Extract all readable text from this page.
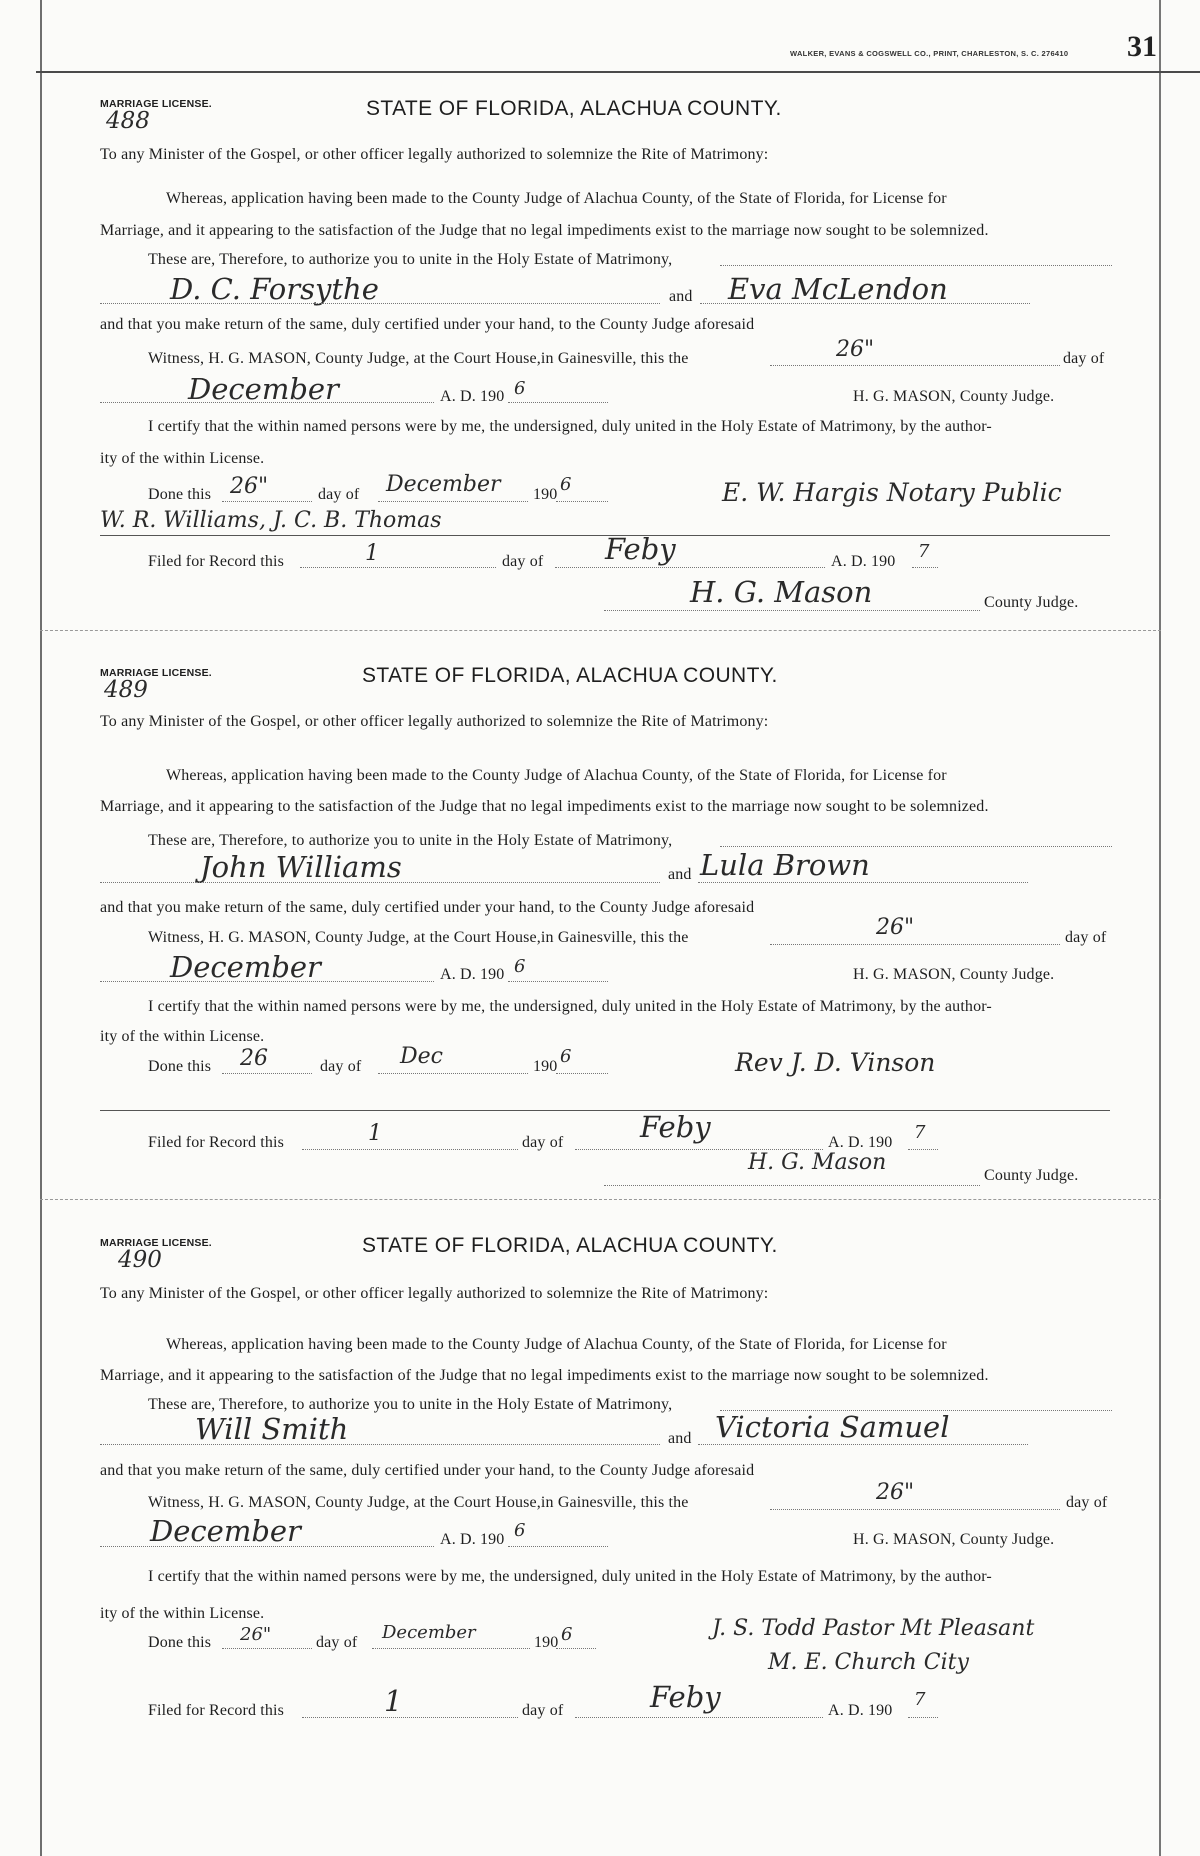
WALKER, EVANS & COGSWELL CO., PRINT, CHARLESTON, S. C. 276410 31
MARRIAGE LICENSE.
488	STATE OF FLORIDA, ALACHUA COUNTY.
To any Minister of the Gospel, or other officer legally authorized to solemnize the Rite of Matrimony:
Whereas, application having been made to the County Judge of Alachua County, of the State of Florida, for License for
Marriage, and it appearing to the satisfaction of the Judge that no legal impediments exist to the marriage now sought to be solemnized.
These are, Therefore, to authorize you to unite in the Holy Estate of Matrimony,
D. C. Forsythe	and Eva McLendon
and that you make return of the same, duly certified under your hand, to the County Judge aforesaid
Witness, H. G. MASON, County Judge, at the Court House,in Gainesville, this the	26"	day of
December	A. D. 190 6	H. G. MASON, County Judge.
I certify that the within named persons were by me, the undersigned, duly united in the Holy Estate of Matrimony, by the author-
ity of the within License.
Done this 26"	day of December 190 6	E. W. Hargis Notary Public
W. R. Williams, J. C. B. Thomas
Filed for Record this	1	day of Feby	A. D. 190 7
H. G. Mason	County Judge.
MARRIAGE LICENSE.
489
STATE OF FLORIDA, ALACHUA COUNTY.
To any Minister of the Gospel, or other officer legally authorized to solemnize the Rite of Matrimony:
Whereas, application having been made to the County Judge of Alachua County, of the State of Florida, for License for
Marriage, and it appearing to the satisfaction of the Judge that no legal impediments exist to the marriage now sought to be solemnized.
These are, Therefore, to authorize you to unite in the Holy Estate of Matrimony,
John Williams	and Lula Brown
and that you make return of the same, duly certified under your hand, to the County Judge aforesaid
Witness, H. G. MASON, County Judge, at the Court House,in Gainesville, this the	26"	day of
December	A. D. 190 6	H. G. MASON, County Judge.
I certify that the within named persons were by me, the undersigned, duly united in the Holy Estate of Matrimony, by the author-
ity of the within License.
Done this 26	day of Dec	190 6	Rev J. D. Vinson
Filed for Record this	1	day of	Feby	A. D. 190 7
H. G. Mason
County Judge.
MARRIAGE LICENSE.
490
STATE OF FLORIDA, ALACHUA COUNTY.
To any Minister of the Gospel, or other officer legally authorized to solemnize the Rite of Matrimony:
Whereas, application having been made to the County Judge of Alachua County, of the State of Florida, for License for
Marriage, and it appearing to the satisfaction of the Judge that no legal impediments exist to the marriage now sought to be solemnized.
These are, Therefore, to authorize you to unite in the Holy Estate of Matrimony,
Will Smith	and Victoria Samuel
and that you make return of the same, duly certified under your hand, to the County Judge aforesaid
Witness, H. G. MASON, County Judge, at the Court House,in Gainesville, this the	26"	day of
December	A. D. 190 6	H. G. MASON, County Judge.
I certify that the within named persons were by me, the undersigned, duly united in the Holy Estate of Matrimony, by the author-
ity of the within License.
Done this 26"	day of December	190 6	J. S. Todd Pastor Mt Pleasant
M. E. Church City
Filed for Record this	1	day of	Feby	A. D. 190
7
